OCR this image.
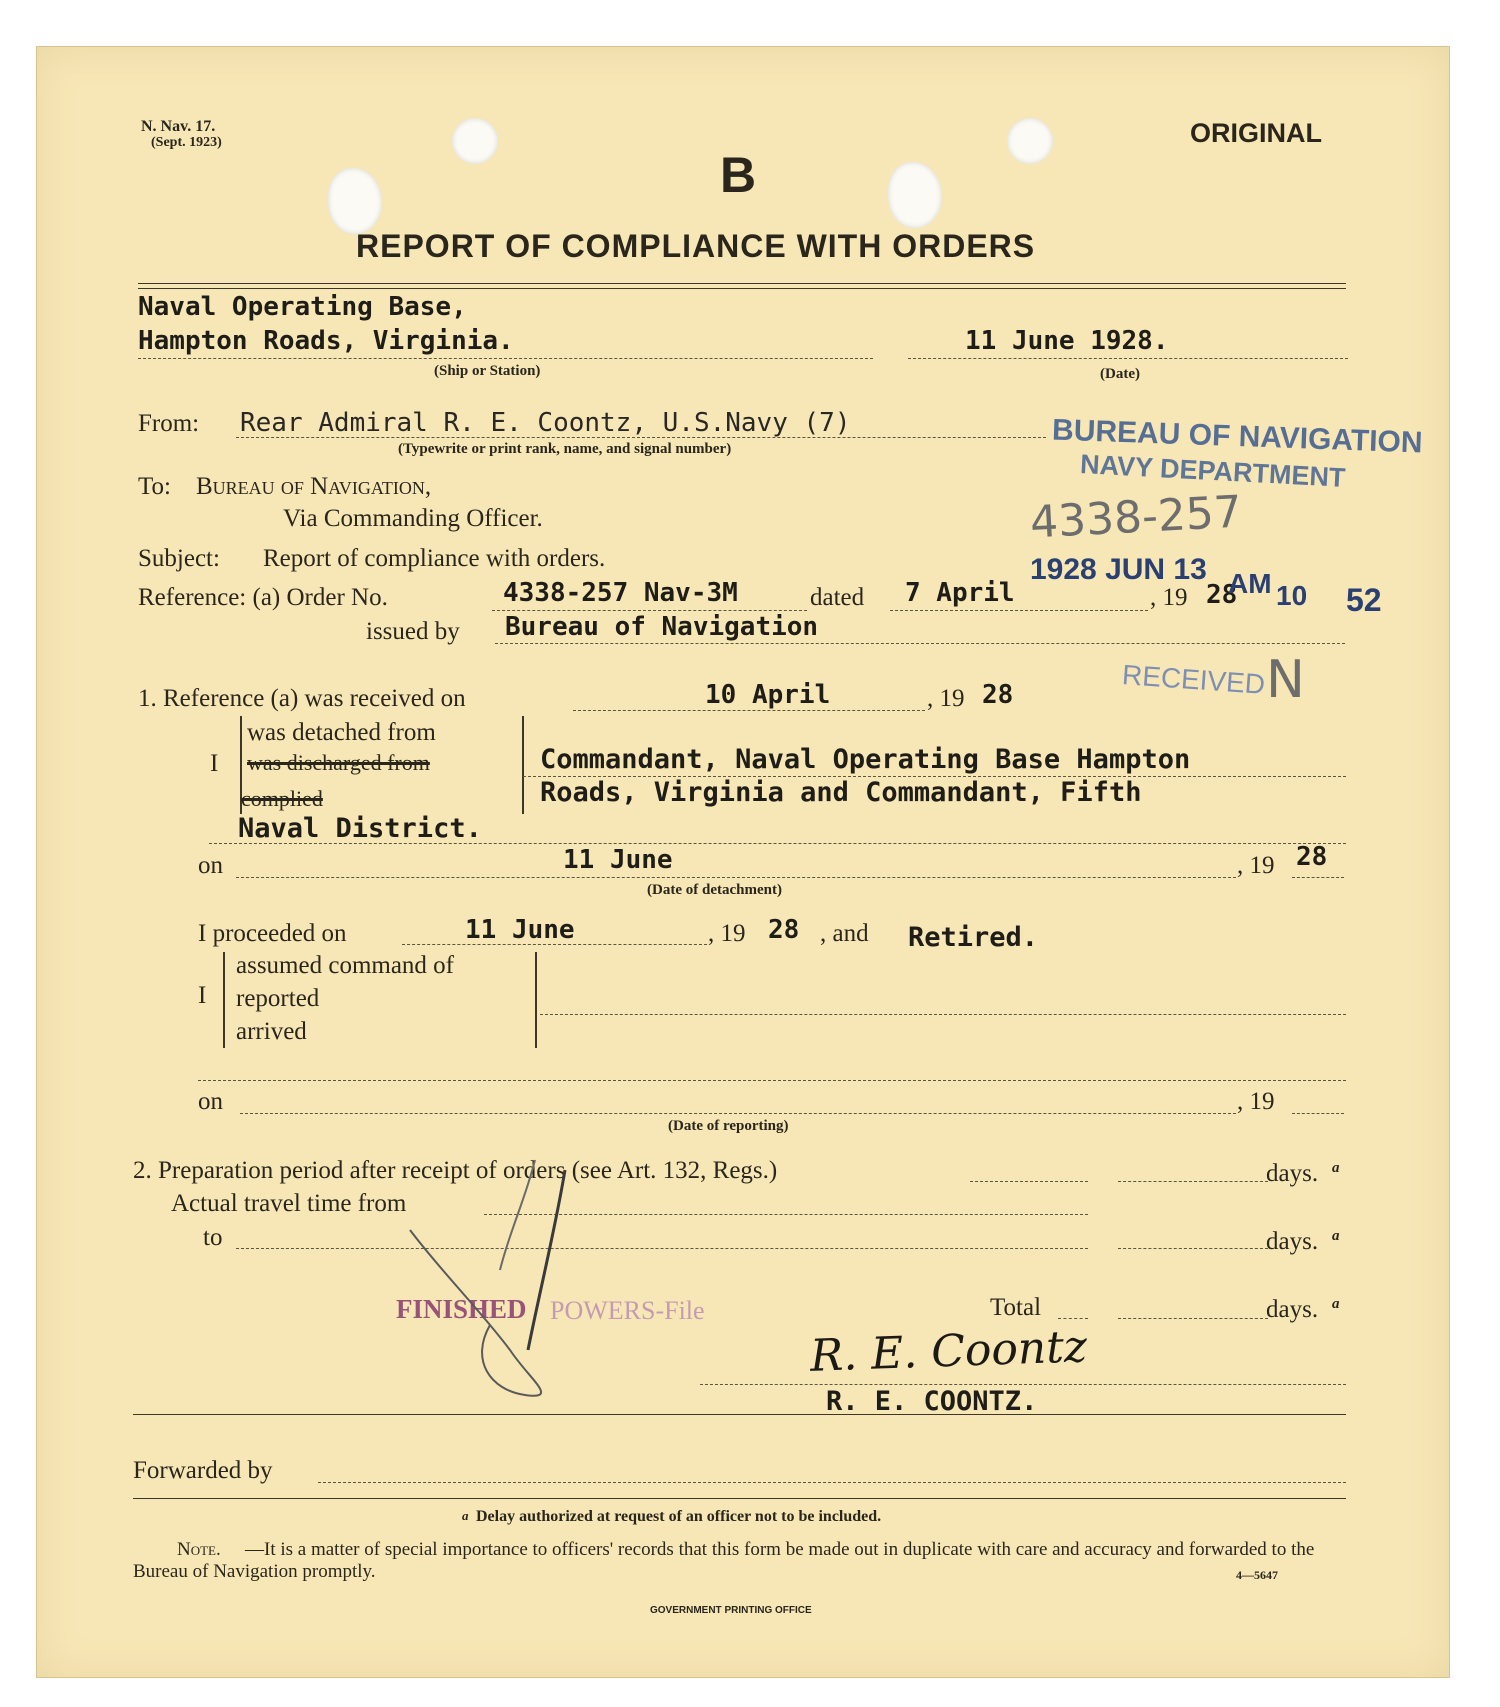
N. Nav. 17.
(Sept. 1923)	ORIGINAL
B
REPORT OF COMPLIANCE WITH ORDERS
Naval Operating Base,
Hampton Roads, Virginia.
(Ship or Station)
11 June 1928.
(Date)
From: Rear Admiral R. E. Coontz, U.S.Navy (7)
(Typewrite or print rank, name, and signal number)
To: Bureau of Navigation,
Via Commanding Officer.
Subject: Report of compliance with orders.
Reference: (a) Order No.	4338-257 Nav-3M	dated 7 April	, 19 28
issued by Bureau of Navigation
BUREAU OF NAVIGATION
NAVY DEPARTMENT
4338-257
1928 JUN 13 AM 10 52
RECEIVED N
1. Reference (a) was received on	10 April	, 19 28
I
was detached from
was discharged from
complied
Commandant, Naval Operating Base Hampton
Roads, Virginia and Commandant, Fifth
Naval District.
on	11 June	, 19 28
(Date of detachment)
I proceeded on	11 June	, 19 28 , and Retired.
I
assumed command of
reported
arrived
on	, 19
(Date of reporting)
2. Preparation period after receipt of orders (see Art. 132, Regs.)	days. a
Actual travel time from
to	days. a
FINISHED POWERS-File	Total	days. a
R. E. Coontz
R. E. COONTZ.
Forwarded by
a Delay authorized at request of an officer not to be included.
Note.	—It is a matter of special importance to officers' records that this form be made out in duplicate with care and accuracy and forwarded to the Bureau of Navigation promptly.	4—5647
GOVERNMENT PRINTING OFFICE
